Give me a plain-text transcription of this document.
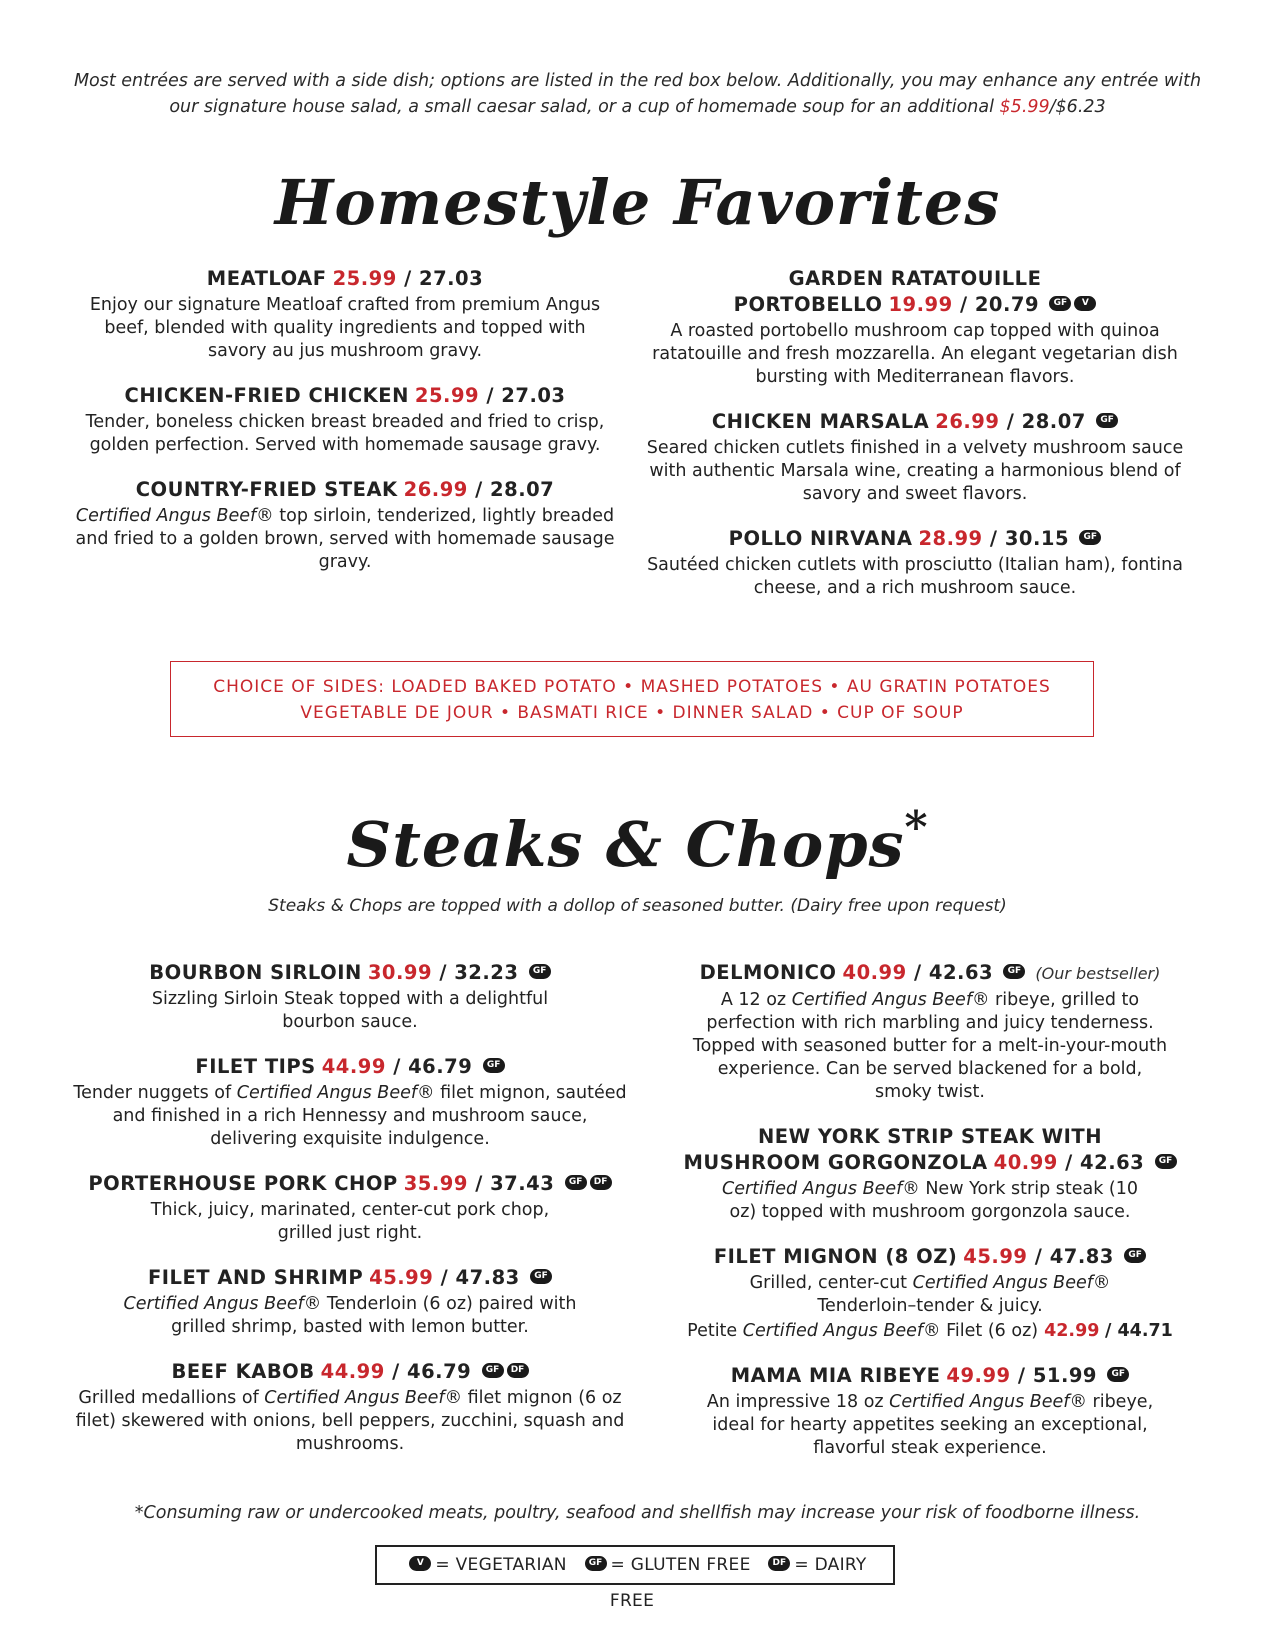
Most entrées are served with a side dish; options are listed in the red box below. Additionally, you may enhance any entrée with our signature house salad, a small caesar salad, or a cup of homemade soup for an additional $5.99/$6.23
Homestyle Favorites
MEATLOAF 25.99 / 27.03
Enjoy our signature Meatloaf crafted from premium Angus beef, blended with quality ingredients and topped with savory au jus mushroom gravy.
CHICKEN-FRIED CHICKEN 25.99 / 27.03
Tender, boneless chicken breast breaded and fried to crisp, golden perfection. Served with homemade sausage gravy.
COUNTRY-FRIED STEAK 26.99 / 28.07
Certified Angus Beef® top sirloin, tenderized, lightly breaded and fried to a golden brown, served with homemade sausage gravy.
GARDEN RATATOUILLE
PORTOBELLO 19.99 / 20.79 GF V
A roasted portobello mushroom cap topped with quinoa ratatouille and fresh mozzarella. An elegant vegetarian dish bursting with Mediterranean flavors.
CHICKEN MARSALA 26.99 / 28.07 GF
Seared chicken cutlets finished in a velvety mushroom sauce with authentic Marsala wine, creating a harmonious blend of savory and sweet flavors.
POLLO NIRVANA 28.99 / 30.15 GF
Sautéed chicken cutlets with prosciutto (Italian ham), fontina cheese, and a rich mushroom sauce.
CHOICE OF SIDES: LOADED BAKED POTATO • MASHED POTATOES • AU GRATIN POTATOES
VEGETABLE DE JOUR • BASMATI RICE • DINNER SALAD • CUP OF SOUP
Steaks & Chops*
Steaks & Chops are topped with a dollop of seasoned butter. (Dairy free upon request)
BOURBON SIRLOIN 30.99 / 32.23 GF
Sizzling Sirloin Steak topped with a delightful bourbon sauce.
FILET TIPS 44.99 / 46.79 GF
Tender nuggets of Certified Angus Beef® filet mignon, sautéed and finished in a rich Hennessy and mushroom sauce, delivering exquisite indulgence.
PORTERHOUSE PORK CHOP 35.99 / 37.43 GF DF
Thick, juicy, marinated, center-cut pork chop, grilled just right.
FILET AND SHRIMP 45.99 / 47.83 GF
Certified Angus Beef® Tenderloin (6 oz) paired with grilled shrimp, basted with lemon butter.
BEEF KABOB 44.99 / 46.79 GF DF
Grilled medallions of Certified Angus Beef® filet mignon (6 oz filet) skewered with onions, bell peppers, zucchini, squash and mushrooms.
DELMONICO 40.99 / 42.63 GF (Our bestseller)
A 12 oz Certified Angus Beef® ribeye, grilled to perfection with rich marbling and juicy tenderness. Topped with seasoned butter for a melt-in-your-mouth experience. Can be served blackened for a bold, smoky twist.
NEW YORK STRIP STEAK WITH
MUSHROOM GORGONZOLA 40.99 / 42.63 GF
Certified Angus Beef® New York strip steak (10 oz) topped with mushroom gorgonzola sauce.
FILET MIGNON (8 OZ) 45.99 / 47.83 GF
Grilled, center-cut Certified Angus Beef® Tenderloin–tender & juicy.
Petite Certified Angus Beef® Filet (6 oz) 42.99 / 44.71
MAMA MIA RIBEYE 49.99 / 51.99 GF
An impressive 18 oz Certified Angus Beef® ribeye, ideal for hearty appetites seeking an exceptional, flavorful steak experience.
*Consuming raw or undercooked meats, poultry, seafood and shellfish may increase your risk of foodborne illness.
V = VEGETARIAN GF = GLUTEN FREE DF = DAIRY FREE
